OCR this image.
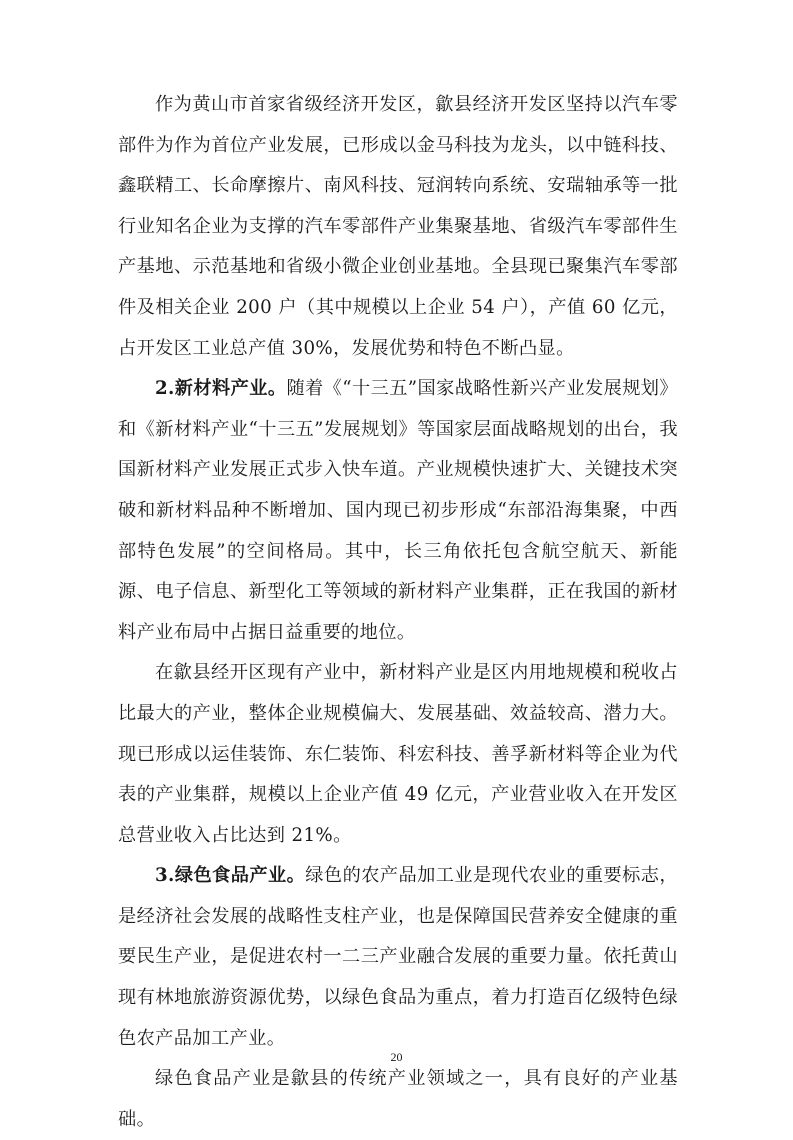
作为黄山市首家省级经济开发区，歙县经济开发区坚持以汽车零部件为作为首位产业发展，已形成以金马科技为龙头，以中链科技、鑫联精工、长命摩擦片、南风科技、冠润转向系统、安瑞轴承等一批行业知名企业为支撑的汽车零部件产业集聚基地、省级汽车零部件生产基地、示范基地和省级小微企业创业基地。全县现已聚集汽车零部件及相关企业 200 户（其中规模以上企业 54 户），产值 60 亿元，占开发区工业总产值 30%，发展优势和特色不断凸显。

2.新材料产业。随着《“十三五”国家战略性新兴产业发展规划》和《新材料产业“十三五”发展规划》等国家层面战略规划的出台，我国新材料产业发展正式步入快车道。产业规模快速扩大、关键技术突破和新材料品种不断增加、国内现已初步形成“东部沿海集聚，中西部特色发展”的空间格局。其中，长三角依托包含航空航天、新能源、电子信息、新型化工等领域的新材料产业集群，正在我国的新材料产业布局中占据日益重要的地位。

在歙县经开区现有产业中，新材料产业是区内用地规模和税收占比最大的产业，整体企业规模偏大、发展基础、效益较高、潜力大。现已形成以运佳装饰、东仁装饰、科宏科技、善孚新材料等企业为代表的产业集群，规模以上企业产值 49 亿元，产业营业收入在开发区总营业收入占比达到 21%。

3.绿色食品产业。绿色的农产品加工业是现代农业的重要标志，是经济社会发展的战略性支柱产业，也是保障国民营养安全健康的重要民生产业，是促进农村一二三产业融合发展的重要力量。依托黄山现有林地旅游资源优势，以绿色食品为重点，着力打造百亿级特色绿色农产品加工产业。

绿色食品产业是歙县的传统产业领域之一，具有良好的产业基础。

20
